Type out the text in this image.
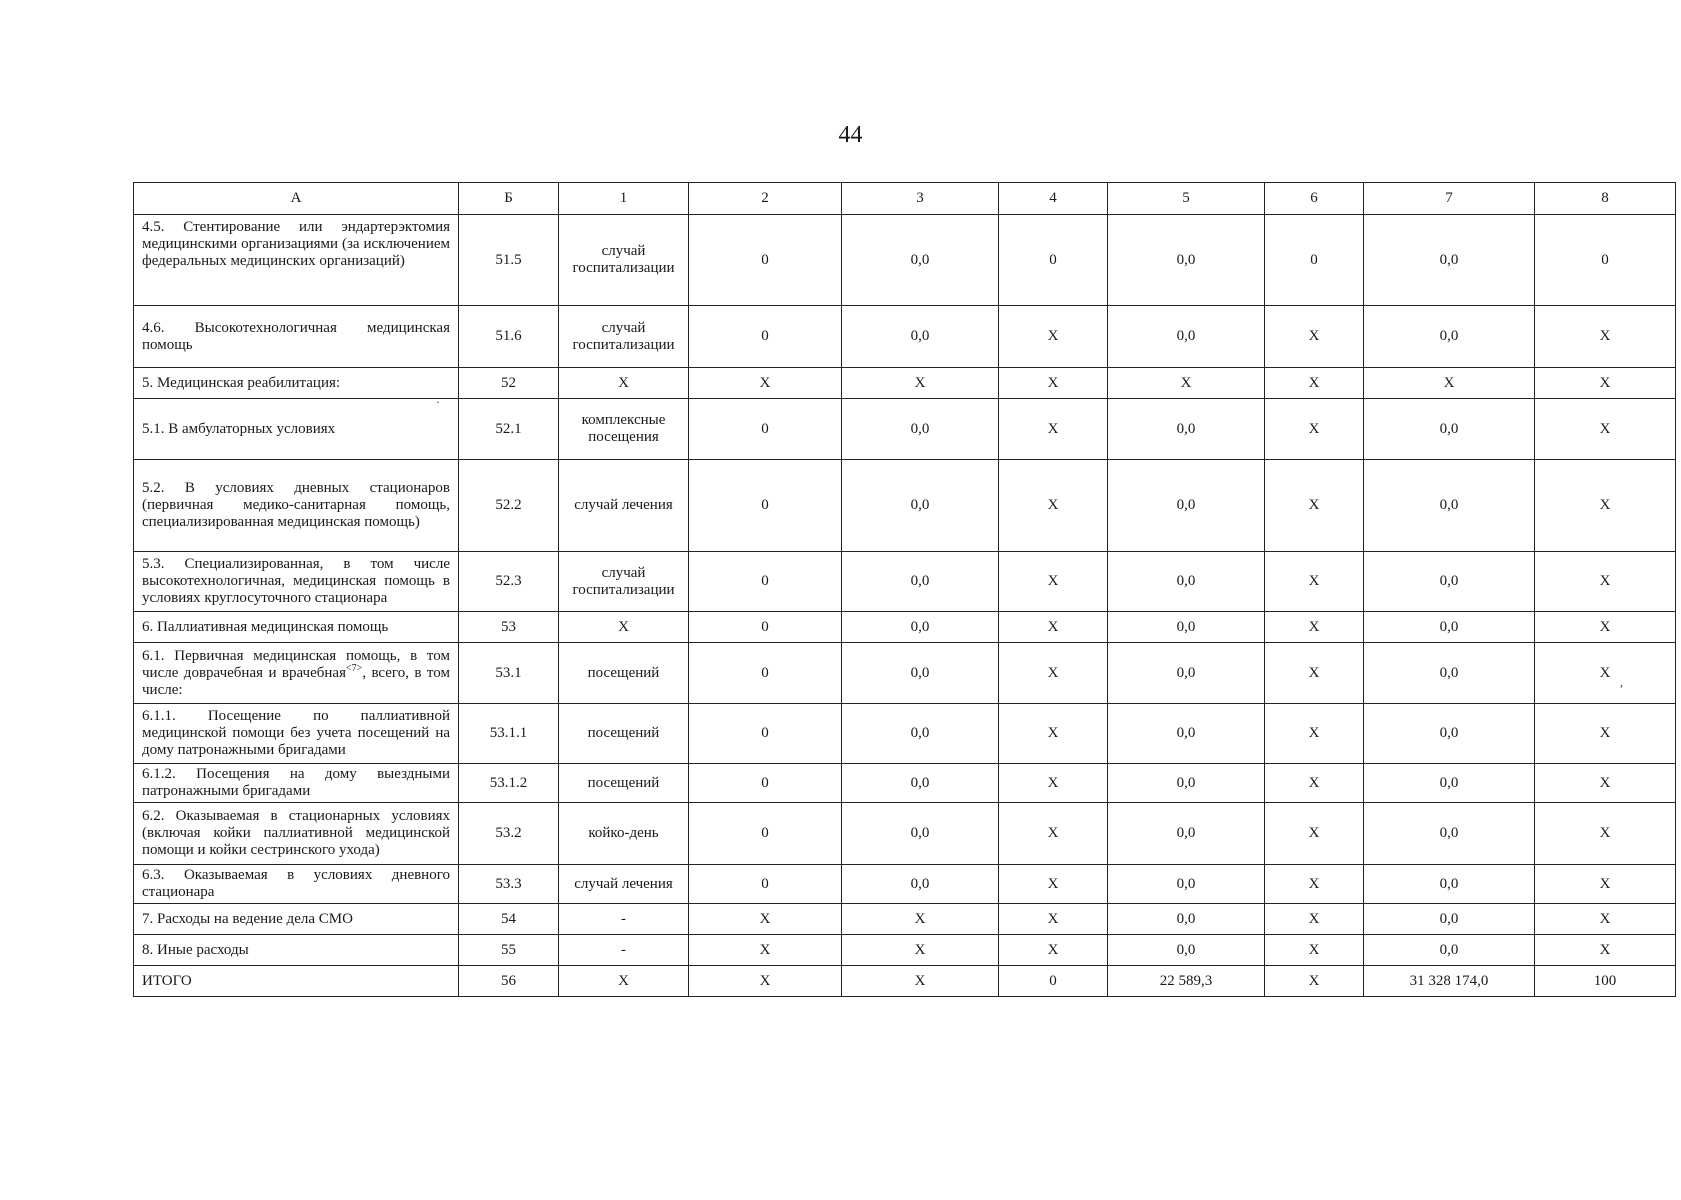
44
А	Б	1	2	3	4	5	6	7	8
4.5. Стентирование или эндартерэктомия медицинскими организациями (за исключением федеральных медицинских организаций)	51.5	случай госпитализации	0	0,0	0	0,0	0	0,0	0
4.6. Высокотехнологичная медицинская помощь	51.6	случай госпитализации	0	0,0	Х	0,0	Х	0,0	Х
5. Медицинская реабилитация:	52	Х	Х	Х	Х	Х	Х	Х	Х
5.1. В амбулаторных условиях	52.1	комплексные посещения	0	0,0	Х	0,0	Х	0,0	Х
5.2. В условиях дневных стационаров (первичная медико-санитарная помощь, специализированная медицинская помощь)	52.2	случай лечения	0	0,0	Х	0,0	Х	0,0	Х
5.3. Специализированная, в том числе высокотехнологичная, медицинская помощь в условиях круглосуточного стационара	52.3	случай госпитализации	0	0,0	Х	0,0	Х	0,0	Х
6. Паллиативная медицинская помощь	53	Х	0	0,0	Х	0,0	Х	0,0	Х
6.1. Первичная медицинская помощь, в том числе доврачебная и врачебная$^{<7>}$, всего, в том числе:	53.1	посещений	0	0,0	Х	0,0	Х	0,0	Х
6.1.1. Посещение по паллиативной медицинской помощи без учета посещений на дому патронажными бригадами	53.1.1	посещений	0	0,0	Х	0,0	Х	0,0	Х
6.1.2. Посещения на дому выездными патронажными бригадами	53.1.2	посещений	0	0,0	Х	0,0	Х	0,0	Х
6.2. Оказываемая в стационарных условиях (включая койки паллиативной медицинской помощи и койки сестринского ухода)	53.2	койко-день	0	0,0	Х	0,0	Х	0,0	Х
6.3. Оказываемая в условиях дневного стационара	53.3	случай лечения	0	0,0	Х	0,0	Х	0,0	Х
7. Расходы на ведение дела СМО	54	-	Х	Х	Х	0,0	Х	0,0	Х
8. Иные расходы	55	-	Х	Х	Х	0,0	Х	0,0	Х
ИТОГО	56	Х	Х	Х	0	22 589,3	Х	31 328 174,0	100
,
·
